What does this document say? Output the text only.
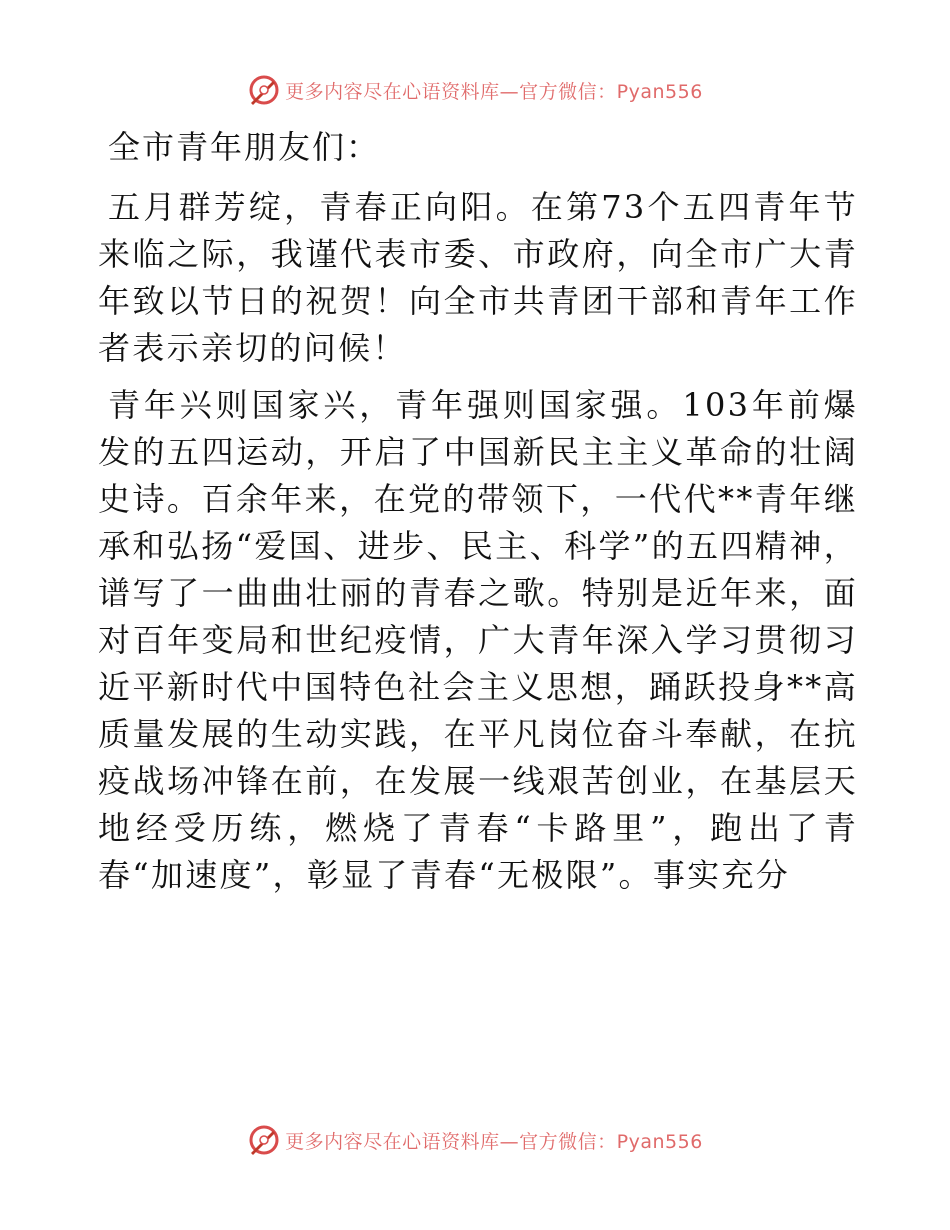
更多内容尽在心语资料库—官方微信：Pyan556

全市青年朋友们：

五月群芳绽，青春正向阳。在第73个五四青年节来临之际，我谨代表市委、市政府，向全市广大青年致以节日的祝贺！向全市共青团干部和青年工作者表示亲切的问候！

青年兴则国家兴，青年强则国家强。103年前爆发的五四运动，开启了中国新民主主义革命的壮阔史诗。百余年来，在党的带领下，一代代**青年继承和弘扬“爱国、进步、民主、科学”的五四精神，谱写了一曲曲壮丽的青春之歌。特别是近年来，面对百年变局和世纪疫情，广大青年深入学习贯彻习近平新时代中国特色社会主义思想，踊跃投身**高质量发展的生动实践，在平凡岗位奋斗奉献，在抗疫战场冲锋在前，在发展一线艰苦创业，在基层天地经受历练，燃烧了青春“卡路里”，跑出了青春“加速度”，彰显了青春“无极限”。事实充分

更多内容尽在心语资料库—官方微信：Pyan556
